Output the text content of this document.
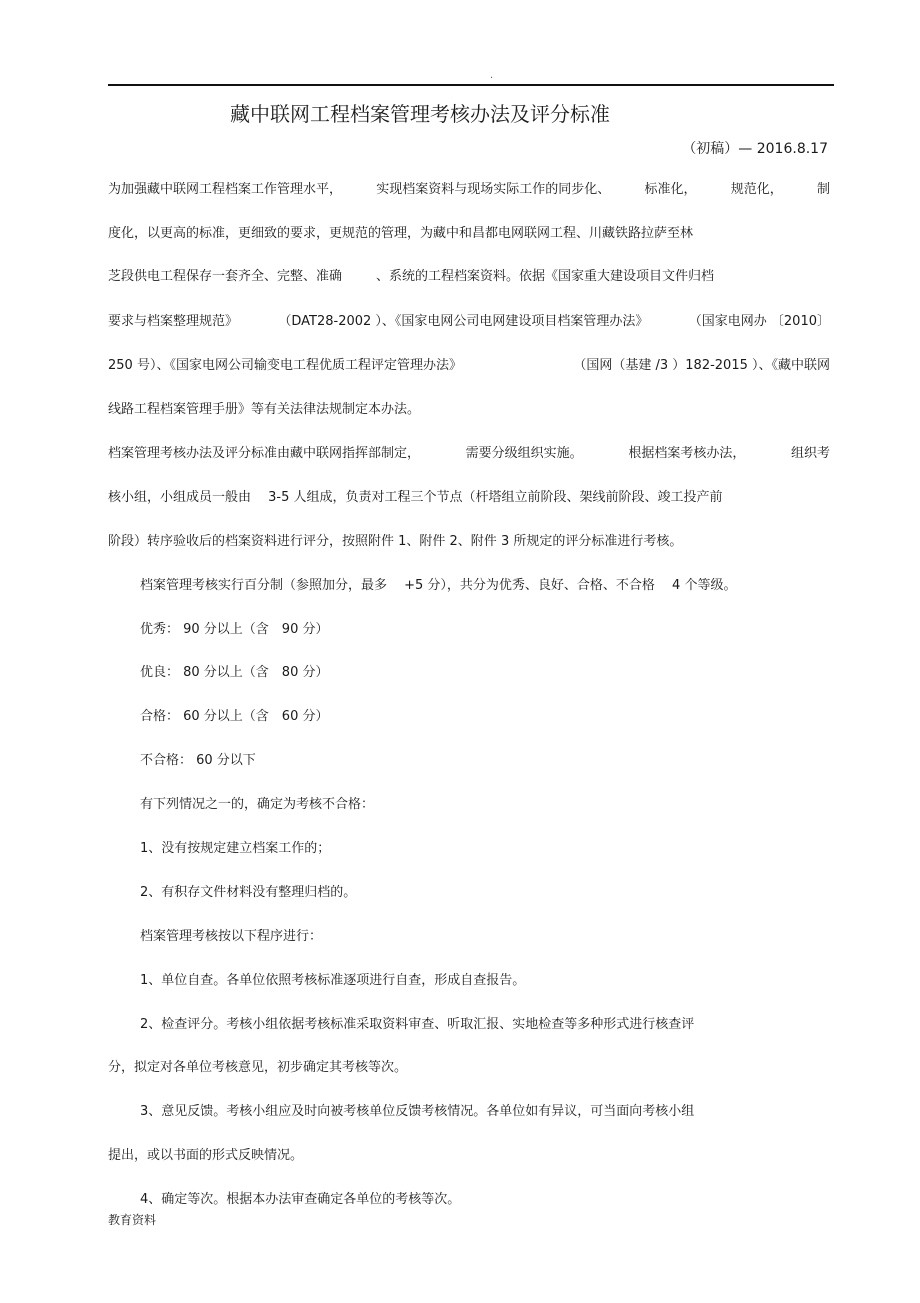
.
藏中联网工程档案管理考核办法及评分标准
（初稿）— 2016.8.17
为加强藏中联网工程档案工作管理水平，	实现档案资料与现场实际工作的同步化、	标准化，	规范化，	制
度化，以更高的标准，更细致的要求，更规范的管理，为藏中和昌都电网联网工程、川藏铁路拉萨至林
芝段供电工程保存一套齐全、完整、准确	、系统的工程档案资料。依据《国家重大建设项目文件归档
要求与档案整理规范》	（DAT28-2002 ）、《国家电网公司电网建设项目档案管理办法》	（国家电网办 〔2010〕
250 号）、《国家电网公司输变电工程优质工程评定管理办法》	（国网（基建 /3 ）182-2015 ）、《藏中联网
线路工程档案管理手册》等有关法律法规制定本办法。
档案管理考核办法及评分标准由藏中联网指挥部制定，	需要分级组织实施。	根据档案考核办法，	组织考
核小组，小组成员一般由　 3-5 人组成，负责对工程三个节点（杆塔组立前阶段、架线前阶段、竣工投产前
阶段）转序验收后的档案资料进行评分，按照附件 1、附件 2、附件 3 所规定的评分标准进行考核。
档案管理考核实行百分制（参照加分，最多　 +5 分），共分为优秀、良好、合格、不合格　 4 个等级。
优秀： 90 分以上（含　90 分）
优良： 80 分以上（含　80 分）
合格： 60 分以上（含　60 分）
不合格： 60 分以下
有下列情况之一的，确定为考核不合格：
1、没有按规定建立档案工作的；
2、有积存文件材料没有整理归档的。
档案管理考核按以下程序进行：
1、单位自查。各单位依照考核标准逐项进行自查，形成自查报告。
2、检查评分。考核小组依据考核标准采取资料审查、听取汇报、实地检查等多种形式进行核查评
分，拟定对各单位考核意见，初步确定其考核等次。
3、意见反馈。考核小组应及时向被考核单位反馈考核情况。各单位如有异议，可当面向考核小组
提出，或以书面的形式反映情况。
4、确定等次。根据本办法审查确定各单位的考核等次。
教育资料
